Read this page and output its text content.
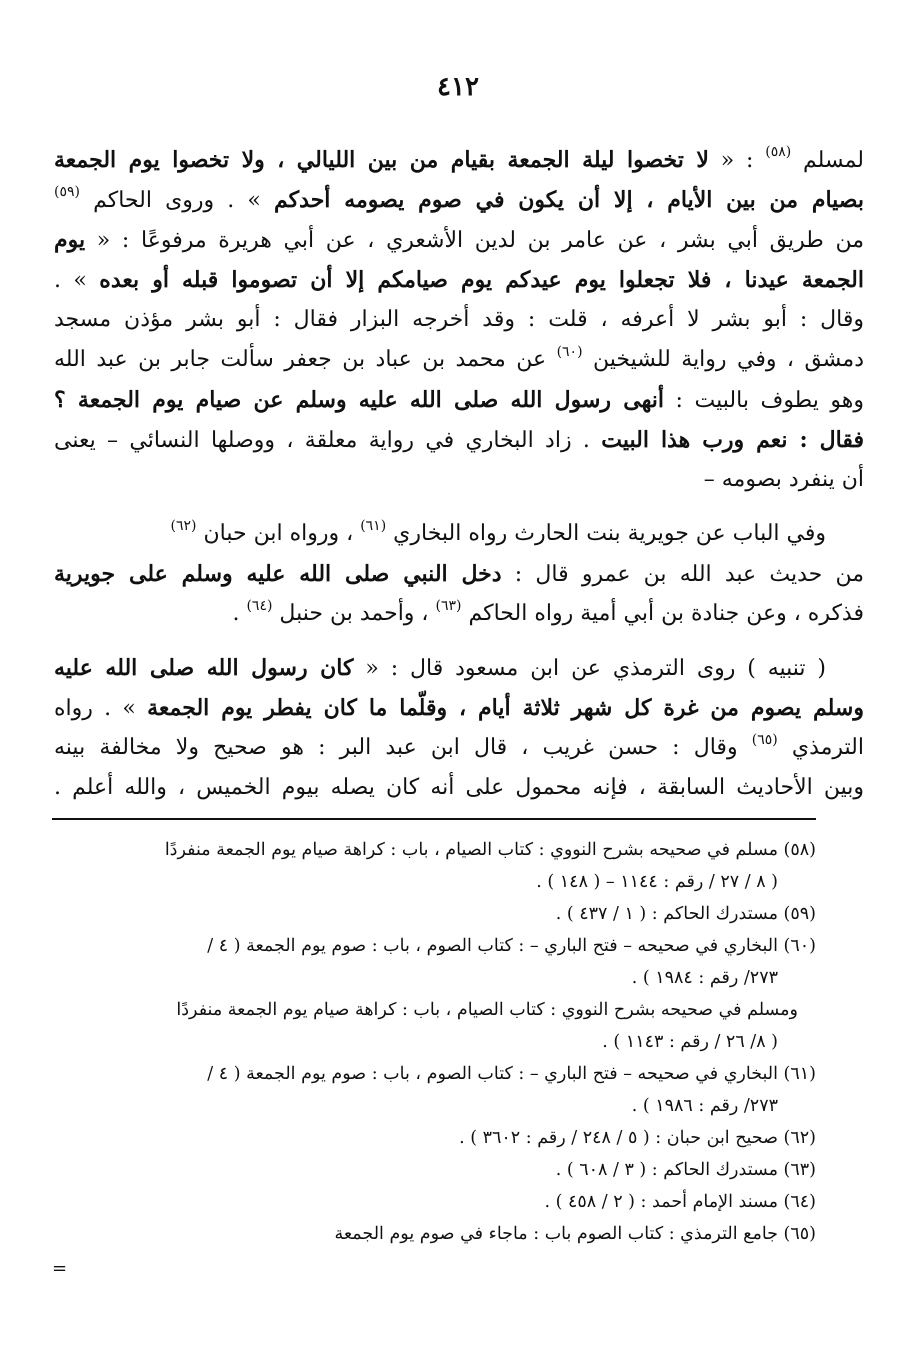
٤١٢
لمسلم $^{(٥٨)}$ : « لا تخصوا ليلة الجمعة بقيام من بين الليالي ، ولا تخصوا يوم الجمعة
بصيام من بين الأيام ، إلا أن يكون في صوم يصومه أحدكم » . وروى الحاكم $^{(٥٩)}$
من طريق أبي بشر ، عن عامر بن لدين الأشعري ، عن أبي هريرة مرفوعًا : « يوم
الجمعة عيدنا ، فلا تجعلوا يوم عيدكم يوم صيامكم إلا أن تصوموا قبله أو بعده » .
وقال : أبو بشر لا أعرفه ، قلت : وقد أخرجه البزار فقال : أبو بشر مؤذن مسجد
دمشق ، وفي رواية للشيخين $^{(٦٠)}$ عن محمد بن عباد بن جعفر سألت جابر بن عبد الله
وهو يطوف بالبيت : أنهى رسول الله صلى الله عليه وسلم عن صيام يوم الجمعة ؟
فقال : نعم ورب هذا البيت . زاد البخاري في رواية معلقة ، ووصلها النسائي – يعنى
أن ينفرد بصومه –
وفي الباب عن جويرية بنت الحارث رواه البخاري $^{(٦١)}$ ، ورواه ابن حبان $^{(٦٢)}$
من حديث عبد الله بن عمرو قال : دخل النبي صلى الله عليه وسلم على جويرية
فذكره ، وعن جنادة بن أبي أمية رواه الحاكم $^{(٦٣)}$ ، وأحمد بن حنبل $^{(٦٤)}$ .
( تنبيه ) روى الترمذي عن ابن مسعود قال : « كان رسول الله صلى الله عليه
وسلم يصوم من غرة كل شهر ثلاثة أيام ، وقلّما ما كان يفطر يوم الجمعة » . رواه
الترمذي $^{(٦٥)}$ وقال : حسن غريب ، قال ابن عبد البر : هو صحيح ولا مخالفة بينه
وبين الأحاديث السابقة ، فإنه محمول على أنه كان يصله بيوم الخميس ، والله أعلم .
(٥٨) مسلم في صحيحه بشرح النووي : كتاب الصيام ، باب : كراهة صيام يوم الجمعة منفردًا
( ٨ / ٢٧ / رقم : ١١٤٤ – ( ١٤٨ ) .
(٥٩) مستدرك الحاكم : ( ١ / ٤٣٧ ) .
(٦٠) البخاري في صحيحه – فتح الباري – : كتاب الصوم ، باب : صوم يوم الجمعة ( ٤ /
٢٧٣/ رقم : ١٩٨٤ ) .
ومسلم في صحيحه بشرح النووي : كتاب الصيام ، باب : كراهة صيام يوم الجمعة منفردًا
( ٨/ ٢٦ / رقم : ١١٤٣ ) .
(٦١) البخاري في صحيحه – فتح الباري – : كتاب الصوم ، باب : صوم يوم الجمعة ( ٤ /
٢٧٣/ رقم : ١٩٨٦ ) .
(٦٢) صحيح ابن حبان : ( ٥ / ٢٤٨ / رقم : ٣٦٠٢ ) .
(٦٣) مستدرك الحاكم : ( ٣ / ٦٠٨ ) .
(٦٤) مسند الإمام أحمد : ( ٢ / ٤٥٨ ) .
(٦٥) جامع الترمذي : كتاب الصوم باب : ماجاء في صوم يوم الجمعة
=
